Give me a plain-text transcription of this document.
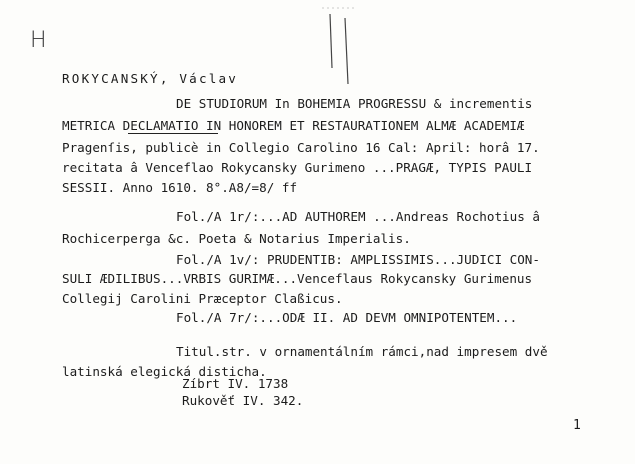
H
ROKYCANSKÝ, Václav
DE STUDIORUM In BOHEMIA PROGRESSU & incrementis
METRICA DECLAMATIO IN HONOREM ET RESTAURATIONEM ALMÆ ACADEMIÆ
Pragenſis, publicè in Collegio Carolino 16 Cal: April: horâ 17.
recitata â Venceflao Rokycansky Gurimeno ...PRAGÆ, TYPIS PAULI
SESSII. Anno 1610. 8°.A8/=8/ ff
Fol./A 1r/:...AD AUTHOREM ...Andreas Rochotius â
Rochicerperga &c. Poeta & Notarius Imperialis.
Fol./A 1v/: PRUDENTIB: AMPLISSIMIS...JUDICI CON-
SULI ÆDILIBUS...VRBIS GURIMÆ...Venceflaus Rokycansky Gurimenus
Collegij Carolini Præceptor Claßicus.
Fol./A 7r/:...ODÆ II. AD DEVM OMNIPOTENTEM...
Titul.str. v ornamentálním rámci,nad impresem dvě
latinská elegická disticha.
Zíbrt IV. 1738
Rukověť IV. 342.
1
